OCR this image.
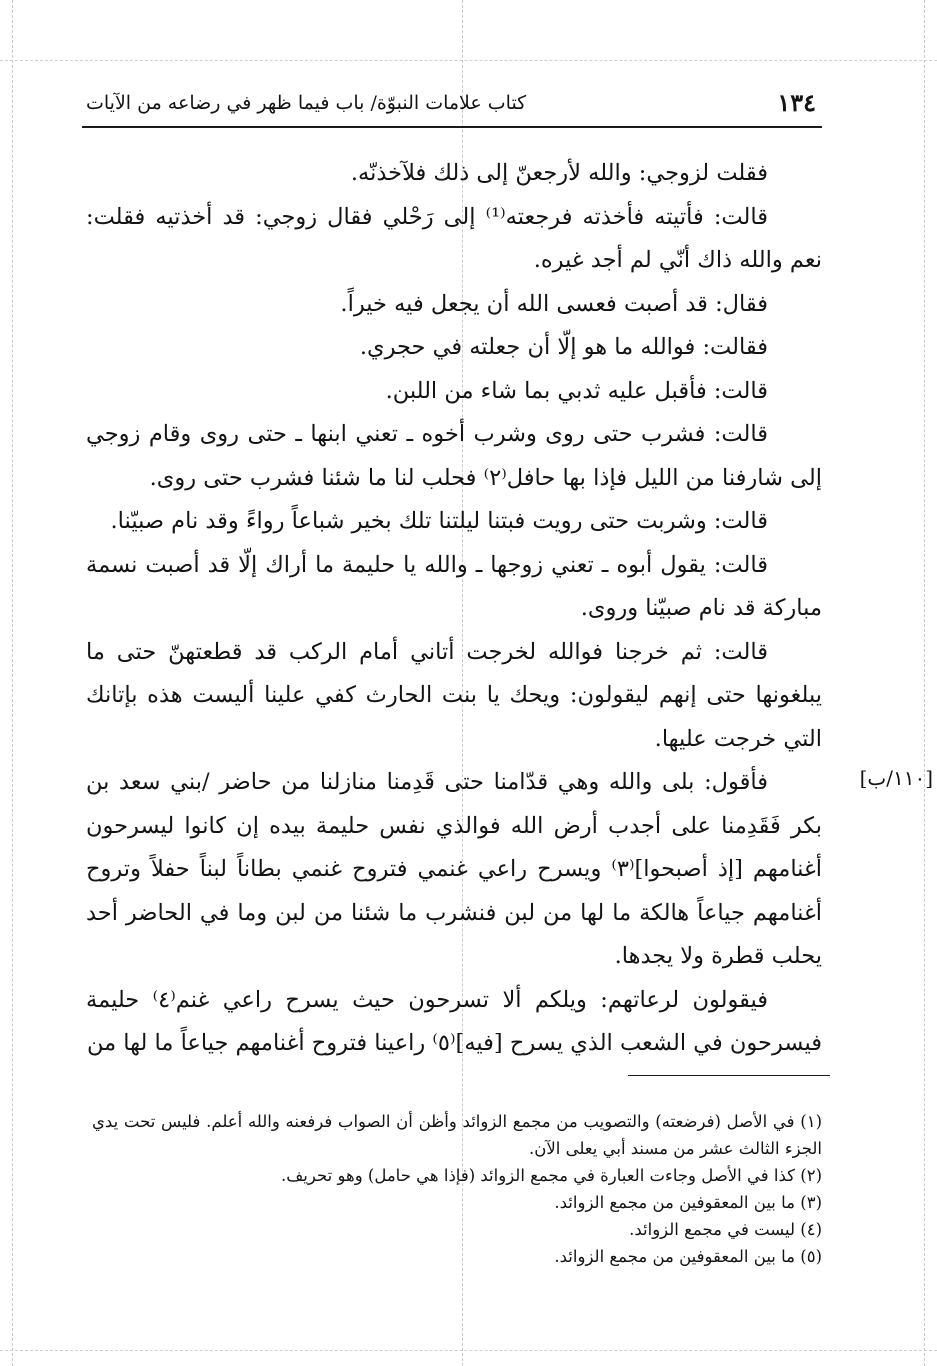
١٣٤
كتاب علامات النبوّة/ باب فيما ظهر في رضاعه من الآيات
[١١٠/ب]

فقلت لزوجي: والله لأرجعنّ إلى ذلك فلآخذنّه.

قالت: فأتيته فأخذته فرجعته⁽¹⁾ إلى رَحْلي فقال زوجي: قد أخذتيه فقلت: نعم والله ذاك أنّي لم أجد غيره.

فقال: قد أصبت فعسى الله أن يجعل فيه خيراً.

فقالت: فوالله ما هو إلّا أن جعلته في حجري.

قالت: فأقبل عليه ثدبي بما شاء من اللبن.

قالت: فشرب حتى روى وشرب أخوه ـ تعني ابنها ـ حتى روى وقام زوجي إلى شارفنا من الليل فإذا بها حافل⁽٢⁾ فحلب لنا ما شئنا فشرب حتى روى.

قالت: وشربت حتى رويت فبتنا ليلتنا تلك بخير شباعاً رواءً وقد نام صبيّنا.

قالت: يقول أبوه ـ تعني زوجها ـ والله يا حليمة ما أراك إلّا قد أصبت نسمة مباركة قد نام صبيّنا وروى.

قالت: ثم خرجنا فوالله لخرجت أتاني أمام الركب قد قطعتهنّ حتى ما يبلغونها حتى إنهم ليقولون: ويحك يا بنت الحارث كفي علينا أليست هذه بإتانك التي خرجت عليها.

فأقول: بلى والله وهي قدّامنا حتى قَدِمنا منازلنا من حاضر /بني سعد بن بكر فَقَدِمنا على أجدب أرض الله فوالذي نفس حليمة بيده إن كانوا ليسرحون أغنامهم [إذ أصبحوا]⁽٣⁾ ويسرح راعي غنمي فتروح غنمي بطاناً لبناً حفلاً وتروح أغنامهم جياعاً هالكة ما لها من لبن فنشرب ما شئنا من لبن وما في الحاضر أحد يحلب قطرة ولا يجدها.

فيقولون لرعاتهم: ويلكم ألا تسرحون حيث يسرح راعي غنم⁽٤⁾ حليمة فيسرحون في الشعب الذي يسرح [فيه]⁽٥⁾ راعينا فتروح أغنامهم جياعاً ما لها من

(١) في الأصل (فرضعته) والتصويب من مجمع الزوائد وأظن أن الصواب فرفعنه والله أعلم. فليس تحت يدي الجزء الثالث عشر من مسند أبي يعلى الآن.

(٢) كذا في الأصل وجاءت العبارة في مجمع الزوائد (فإذا هي حامل) وهو تحريف.

(٣) ما بين المعقوفين من مجمع الزوائد.

(٤) ليست في مجمع الزوائد.

(٥) ما بين المعقوفين من مجمع الزوائد.
